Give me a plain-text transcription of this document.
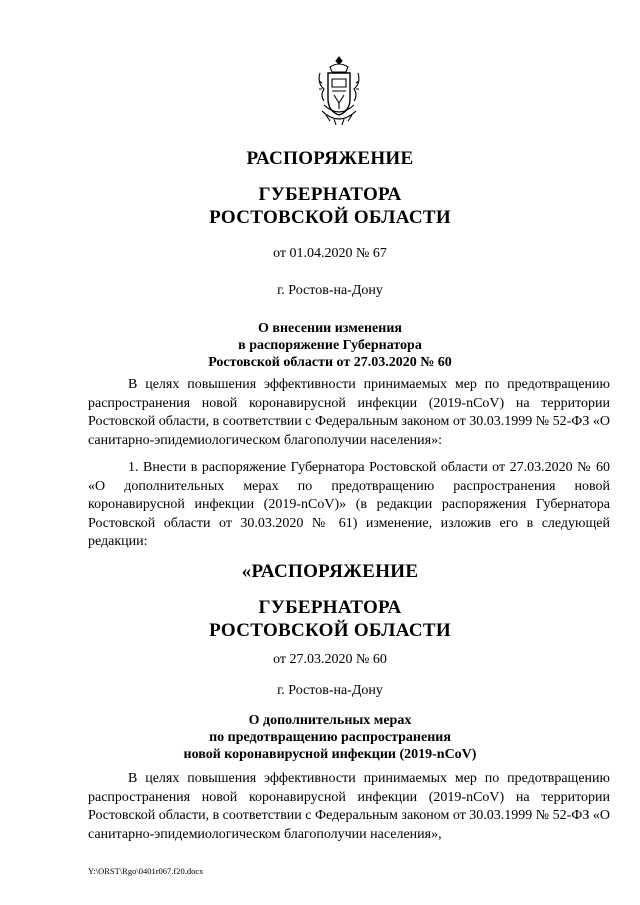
РАСПОРЯЖЕНИЕ
ГУБЕРНАТОРА
РОСТОВСКОЙ ОБЛАСТИ
от 01.04.2020 № 67
г. Ростов-на-Дону
О внесении изменения
в распоряжение Губернатора
Ростовской области от 27.03.2020 № 60

В целях повышения эффективности принимаемых мер по предотвращению распространения новой коронавирусной инфекции (2019-nCoV) на территории Ростовской области, в соответствии с Федеральным законом от 30.03.1999 № 52-ФЗ «О санитарно-эпидемиологическом благополучии населения»:

1. Внести в распоряжение Губернатора Ростовской области от 27.03.2020 № 60 «О дополнительных мерах по предотвращению распространения новой коронавирусной инфекции (2019-nCoV)» (в редакции распоряжения Губернатора Ростовской области от 30.03.2020 № 61) изменение, изложив его в следующей редакции:

«РАСПОРЯЖЕНИЕ
ГУБЕРНАТОРА
РОСТОВСКОЙ ОБЛАСТИ
от 27.03.2020 № 60
г. Ростов-на-Дону
О дополнительных мерах
по предотвращению распространения
новой коронавирусной инфекции (2019-nCoV)

В целях повышения эффективности принимаемых мер по предотвращению распространения новой коронавирусной инфекции (2019-nCoV) на территории Ростовской области, в соответствии с Федеральным законом от 30.03.1999 № 52-ФЗ «О санитарно-эпидемиологическом благополучии населения»,

Y:\ORST\Rgo\0401r067.f20.docx
